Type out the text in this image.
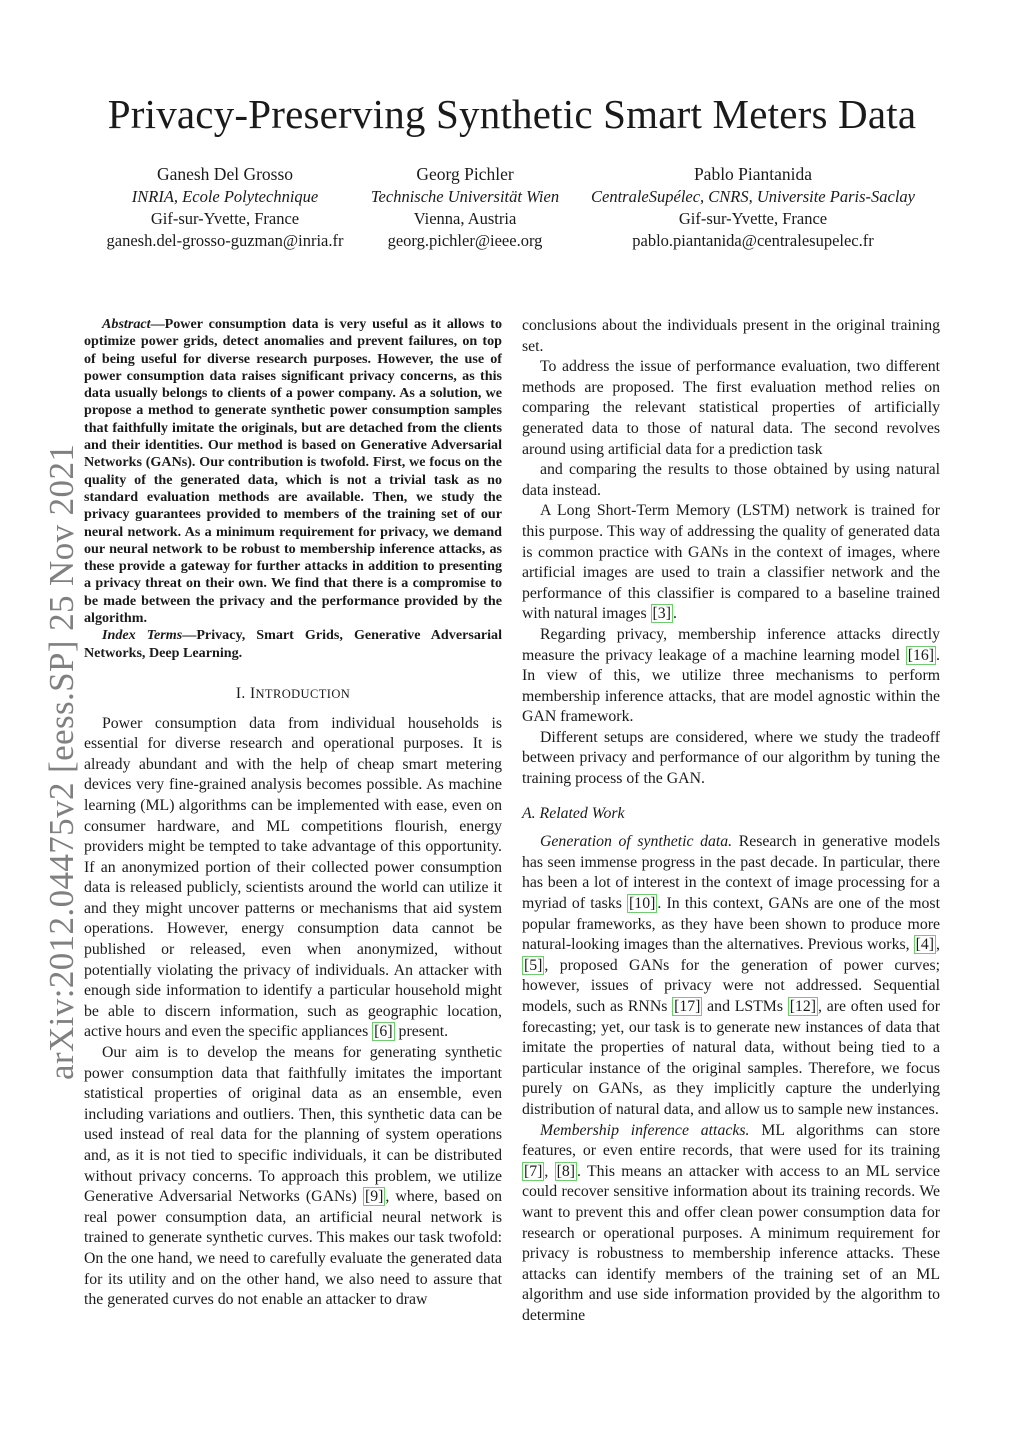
arXiv:2012.04475v2 [eess.SP] 25 Nov 2021
Privacy-Preserving Synthetic Smart Meters Data
Ganesh Del Grosso
INRIA, Ecole Polytechnique
Gif-sur-Yvette, France
ganesh.del-grosso-guzman@inria.fr
Georg Pichler
Technische Universität Wien
Vienna, Austria
georg.pichler@ieee.org
Pablo Piantanida
CentraleSupélec, CNRS, Universite Paris-Saclay
Gif-sur-Yvette, France
pablo.piantanida@centralesupelec.fr

Abstract—Power consumption data is very useful as it allows to optimize power grids, detect anomalies and prevent failures, on top of being useful for diverse research purposes. However, the use of power consumption data raises significant privacy concerns, as this data usually belongs to clients of a power company. As a solution, we propose a method to generate synthetic power consumption samples that faithfully imitate the originals, but are detached from the clients and their identities. Our method is based on Generative Adversarial Networks (GANs). Our contribution is twofold. First, we focus on the quality of the generated data, which is not a trivial task as no standard evaluation methods are available. Then, we study the privacy guarantees provided to members of the training set of our neural network. As a minimum requirement for privacy, we demand our neural network to be robust to membership inference attacks, as these provide a gateway for further attacks in addition to presenting a privacy threat on their own. We find that there is a compromise to be made between the privacy and the performance provided by the algorithm.

Index Terms—Privacy, Smart Grids, Generative Adversarial Networks, Deep Learning.

I. INTRODUCTION

Power consumption data from individual households is essential for diverse research and operational purposes. It is already abundant and with the help of cheap smart metering devices very fine-grained analysis becomes possible. As machine learning (ML) algorithms can be implemented with ease, even on consumer hardware, and ML competitions flourish, energy providers might be tempted to take advantage of this opportunity. If an anonymized portion of their collected power consumption data is released publicly, scientists around the world can utilize it and they might uncover patterns or mechanisms that aid system operations. However, energy consumption data cannot be published or released, even when anonymized, without potentially violating the privacy of individuals. An attacker with enough side information to identify a particular household might be able to discern information, such as geographic location, active hours and even the specific appliances [6] present.

Our aim is to develop the means for generating synthetic power consumption data that faithfully imitates the important statistical properties of original data as an ensemble, even including variations and outliers. Then, this synthetic data can be used instead of real data for the planning of system operations and, as it is not tied to specific individuals, it can be distributed without privacy concerns. To approach this problem, we utilize Generative Adversarial Networks (GANs) [9] , where, based on real power consumption data, an artificial neural network is trained to generate synthetic curves. This makes our task twofold: On the one hand, we need to carefully evaluate the generated data for its utility and on the other hand, we also need to assure that the generated curves do not enable an attacker to draw

conclusions about the individuals present in the original training set.

To address the issue of performance evaluation, two different methods are proposed. The first evaluation method relies on comparing the relevant statistical properties of artificially generated data to those of natural data. The second revolves around using artificial data for a prediction task

and comparing the results to those obtained by using natural data instead.

A Long Short-Term Memory (LSTM) network is trained for this purpose. This way of addressing the quality of generated data is common practice with GANs in the context of images, where artificial images are used to train a classifier network and the performance of this classifier is compared to a baseline trained with natural images [3] .

Regarding privacy, membership inference attacks directly measure the privacy leakage of a machine learning model [16] . In view of this, we utilize three mechanisms to perform membership inference attacks, that are model agnostic within the GAN framework.

Different setups are considered, where we study the tradeoff between privacy and performance of our algorithm by tuning the training process of the GAN.

A. Related Work

Generation of synthetic data. Research in generative models has seen immense progress in the past decade. In particular, there has been a lot of interest in the context of image processing for a myriad of tasks [10] . In this context, GANs are one of the most popular frameworks, as they have been shown to produce more natural-looking images than the alternatives. Previous works, [4] , [5] , proposed GANs for the generation of power curves; however, issues of privacy were not addressed. Sequential models, such as RNNs [17] and LSTMs [12] , are often used for forecasting; yet, our task is to generate new instances of data that imitate the properties of natural data, without being tied to a particular instance of the original samples. Therefore, we focus purely on GANs, as they implicitly capture the underlying distribution of natural data, and allow us to sample new instances.

Membership inference attacks. ML algorithms can store features, or even entire records, that were used for its training [7] , [8] . This means an attacker with access to an ML service could recover sensitive information about its training records. We want to prevent this and offer clean power consumption data for research or operational purposes. A minimum requirement for privacy is robustness to membership inference attacks. These attacks can identify members of the training set of an ML algorithm and use side information provided by the algorithm to determine
